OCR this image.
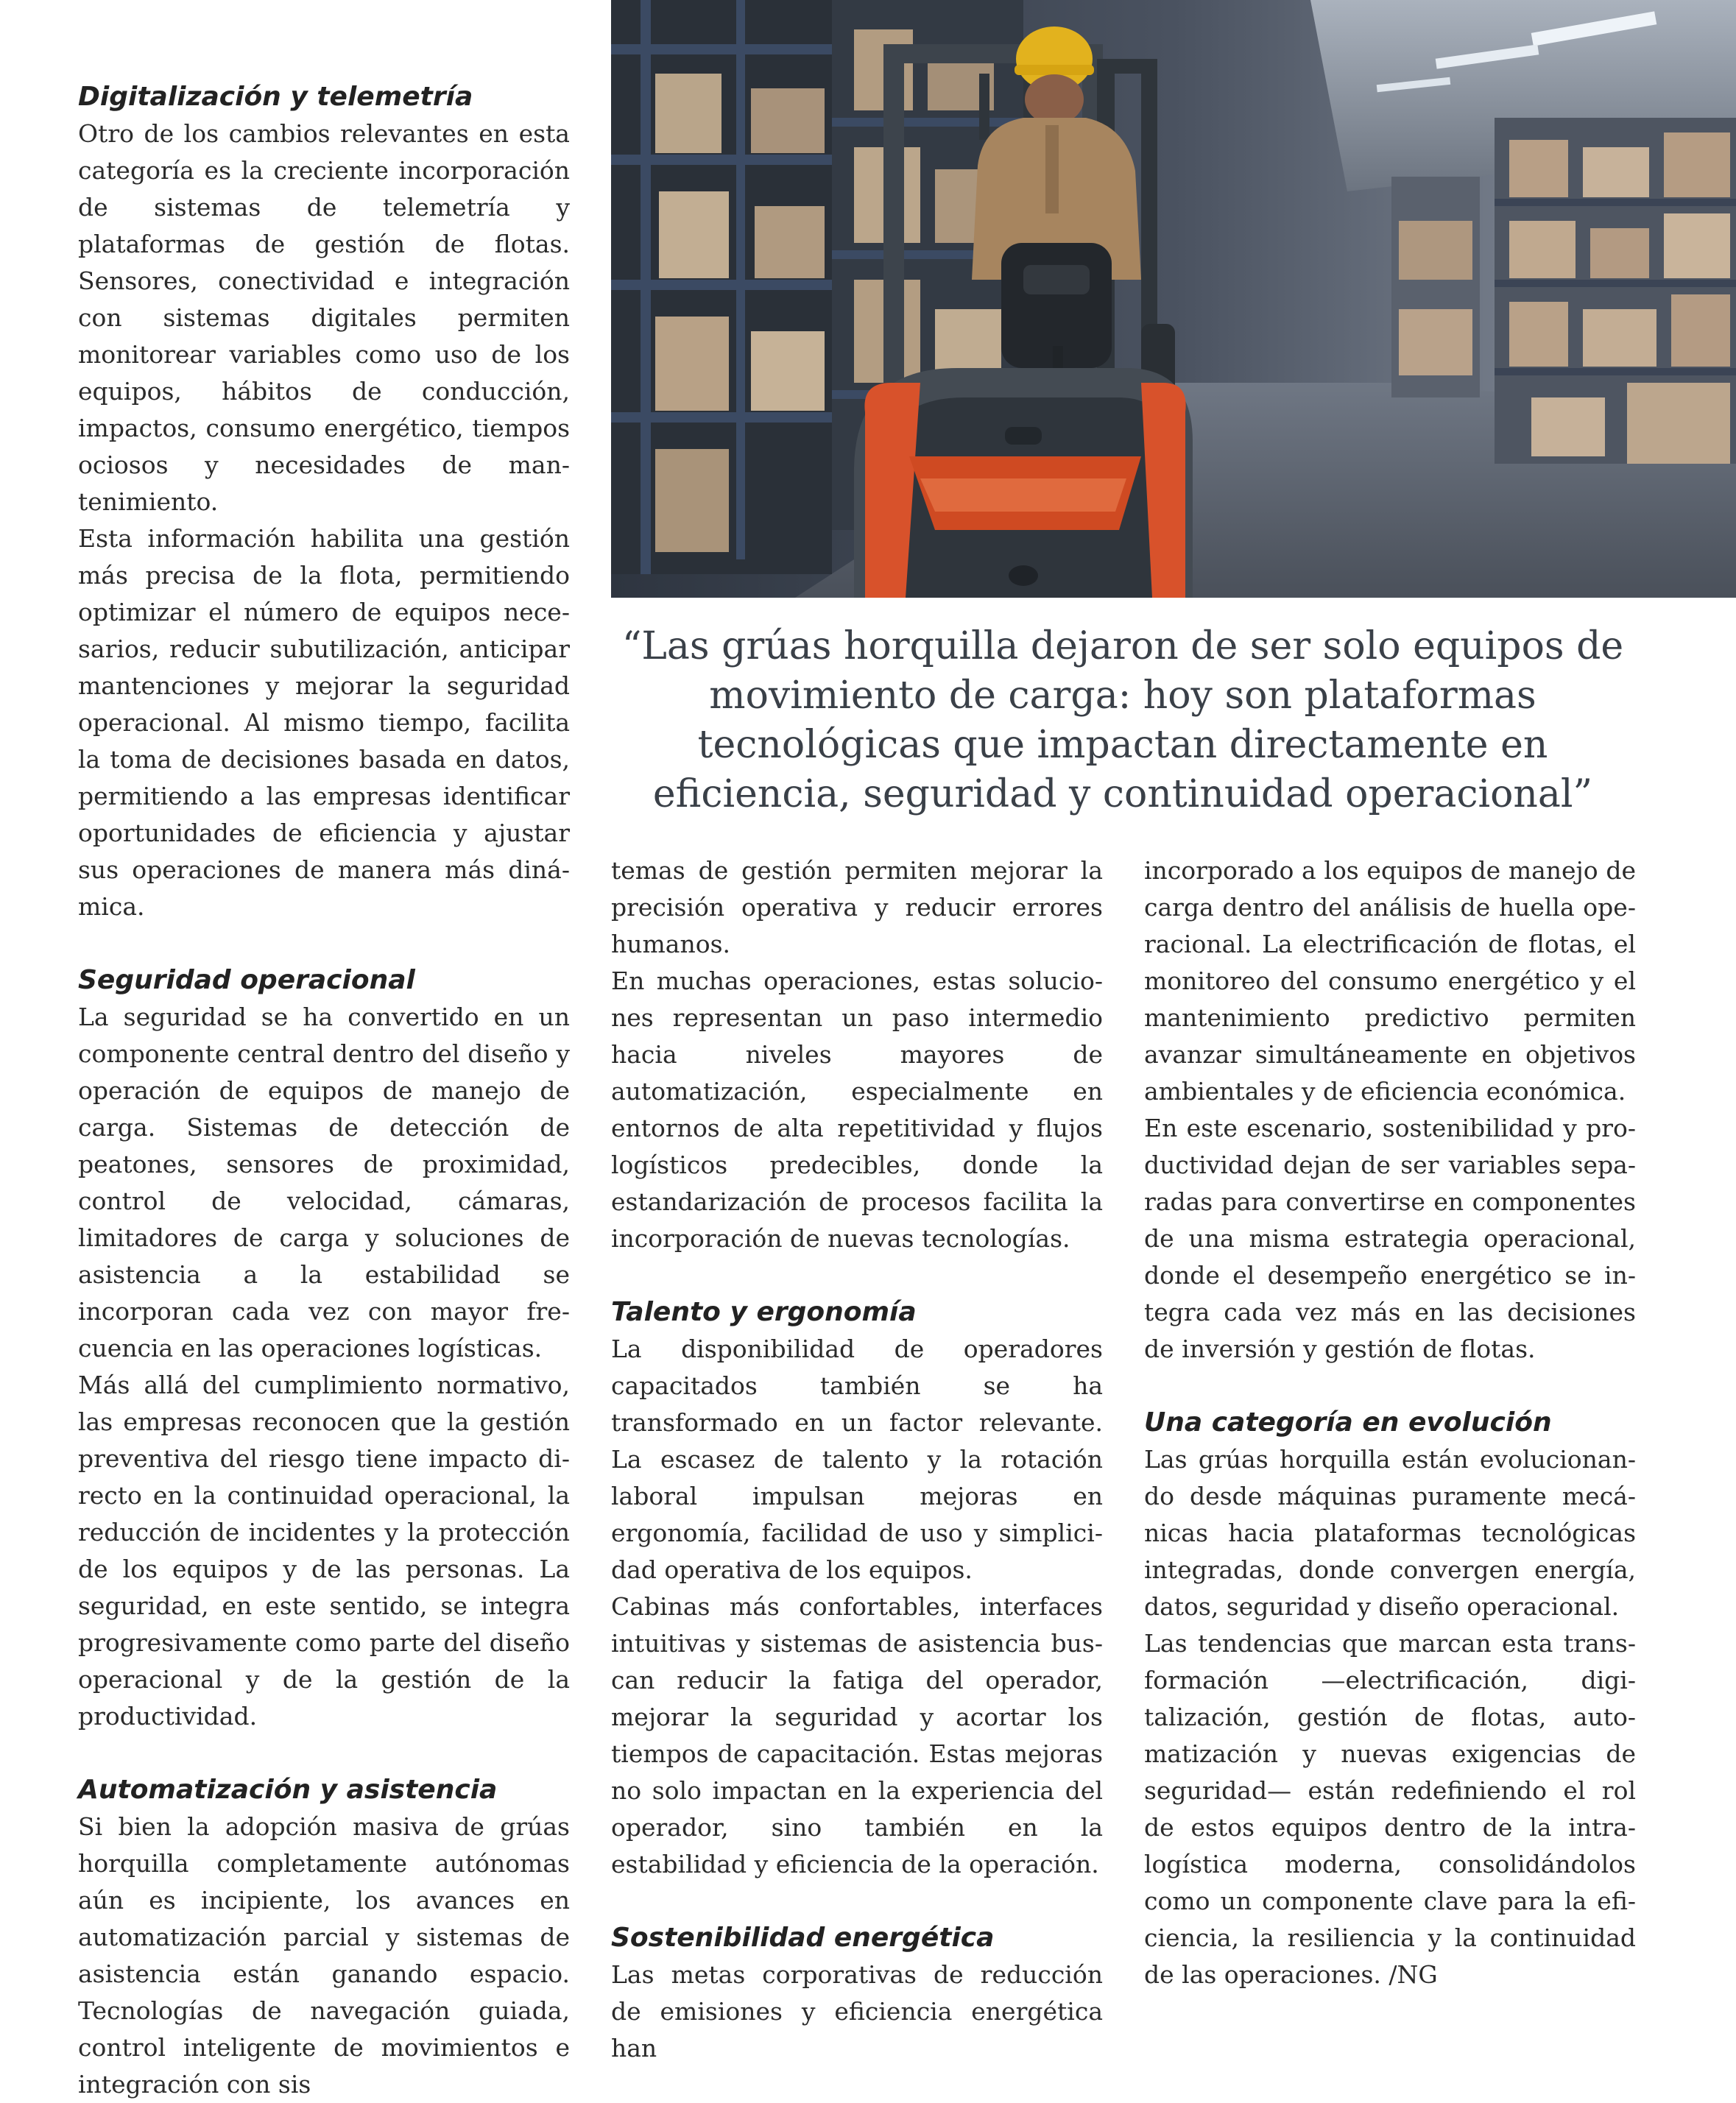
Digitalización y telemetría

Otro de los cambios relevantes en esta categoría es la creciente incorporación de sistemas de telemetría y plataformas de gestión de flotas. Sensores, conectividad e integración con sistemas digitales permiten monitorear variables como uso de los equipos, hábitos de conducción, impactos, consumo energético, tiempos ociosos y necesidades de mantenimiento.

Esta información habilita una gestión más precisa de la flota, permitiendo optimizar el número de equipos necesarios, reducir subutilización, anticipar mantenciones y mejorar la seguridad operacional. Al mismo tiempo, facilita la toma de decisiones basada en datos, permitiendo a las empresas identificar oportunidades de eficiencia y ajustar sus operaciones de manera más dinámica.

Seguridad operacional

La seguridad se ha convertido en un componente central dentro del diseño y operación de equipos de manejo de carga. Sistemas de detección de peatones, sensores de proximidad, control de velocidad, cámaras, limitadores de carga y soluciones de asistencia a la estabilidad se incorporan cada vez con mayor frecuencia en las operaciones logísticas.

Más allá del cumplimiento normativo, las empresas reconocen que la gestión preventiva del riesgo tiene impacto directo en la continuidad operacional, la reducción de incidentes y la protección de los equipos y de las personas. La seguridad, en este sentido, se integra progresivamente como parte del diseño operacional y de la gestión de la productividad.

Automatización y asistencia

Si bien la adopción masiva de grúas horquilla completamente autónomas aún es incipiente, los avances en automatización parcial y sistemas de asistencia están ganando espacio. Tecnologías de navegación guiada, control inteligente de movimientos e integración con sis

“Las grúas horquilla dejaron de ser solo equipos de movimiento de carga: hoy son plataformas tecnológicas que impactan directamente en eficiencia, seguridad y continuidad operacional”

temas de gestión permiten mejorar la precisión operativa y reducir errores humanos.

En muchas operaciones, estas soluciones representan un paso intermedio hacia niveles mayores de automatización, especialmente en entornos de alta repetitividad y flujos logísticos predecibles, donde la estandarización de procesos facilita la incorporación de nuevas tecnologías.

Talento y ergonomía

La disponibilidad de operadores capacitados también se ha transformado en un factor relevante. La escasez de talento y la rotación laboral impulsan mejoras en ergonomía, facilidad de uso y simplicidad operativa de los equipos.

Cabinas más confortables, interfaces intuitivas y sistemas de asistencia buscan reducir la fatiga del operador, mejorar la seguridad y acortar los tiempos de capacitación. Estas mejoras no solo impactan en la experiencia del operador, sino también en la estabilidad y eficiencia de la operación.

Sostenibilidad energética

Las metas corporativas de reducción de emisiones y eficiencia energética han

incorporado a los equipos de manejo de carga dentro del análisis de huella operacional. La electrificación de flotas, el monitoreo del consumo energético y el mantenimiento predictivo permiten avanzar simultáneamente en objetivos ambientales y de eficiencia económica.

En este escenario, sostenibilidad y productividad dejan de ser variables separadas para convertirse en componentes de una misma estrategia operacional, donde el desempeño energético se integra cada vez más en las decisiones de inversión y gestión de flotas.

Una categoría en evolución

Las grúas horquilla están evolucionando desde máquinas puramente mecánicas hacia plataformas tecnológicas integradas, donde convergen energía, datos, seguridad y diseño operacional.

Las tendencias que marcan esta transformación —electrificación, digitalización, gestión de flotas, automatización y nuevas exigencias de seguridad— están redefiniendo el rol de estos equipos dentro de la intralogística moderna, consolidándolos como un componente clave para la eficiencia, la resiliencia y la continuidad de las operaciones. /NG
